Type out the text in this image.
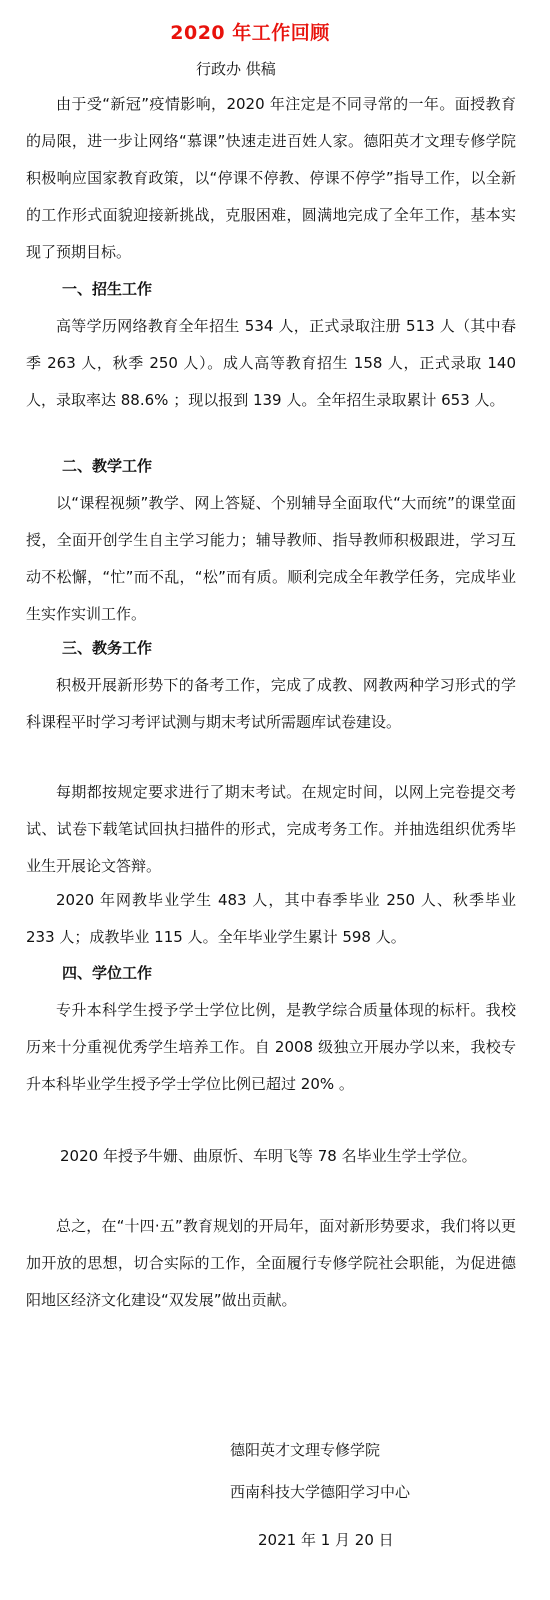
2020 年工作回顾
行政办 供稿

由于受“新冠”疫情影响，2020 年注定是不同寻常的一年。面授教育的局限，进一步让网络“慕课”快速走进百姓人家。德阳英才文理专修学院积极响应国家教育政策，以“停课不停教、停课不停学”指导工作，以全新的工作形式面貌迎接新挑战，克服困难，圆满地完成了全年工作，基本实现了预期目标。

一、招生工作

高等学历网络教育全年招生 534 人，正式录取注册 513 人（其中春季 263 人，秋季 250 人）。成人高等教育招生 158 人，正式录取 140 人，录取率达 88.6% ；现以报到 139 人。全年招生录取累计 653 人。

二、教学工作

以“课程视频”教学、网上答疑、个别辅导全面取代“大而统”的课堂面授，全面开创学生自主学习能力；辅导教师、指导教师积极跟进，学习互动不松懈，“忙”而不乱，“松”而有质。顺利完成全年教学任务，完成毕业生实作实训工作。

三、教务工作

积极开展新形势下的备考工作，完成了成教、网教两种学习形式的学科课程平时学习考评试测与期末考试所需题库试卷建设。

每期都按规定要求进行了期末考试。在规定时间，以网上完卷提交考试、试卷下载笔试回执扫描件的形式，完成考务工作。并抽选组织优秀毕业生开展论文答辩。

2020 年网教毕业学生 483 人，其中春季毕业 250 人、秋季毕业 233 人；成教毕业 115 人。全年毕业学生累计 598 人。

四、学位工作

专升本科学生授予学士学位比例，是教学综合质量体现的标杆。我校历来十分重视优秀学生培养工作。自 2008 级独立开展办学以来，我校专升本科毕业学生授予学士学位比例已超过 20% 。

2020 年授予牛姗、曲原忻、车明飞等 78 名毕业生学士学位。

总之，在“十四·五”教育规划的开局年，面对新形势要求，我们将以更加开放的思想，切合实际的工作，全面履行专修学院社会职能，为促进德阳地区经济文化建设“双发展”做出贡献。

德阳英才文理专修学院
西南科技大学德阳学习中心
2021 年 1 月 20 日
